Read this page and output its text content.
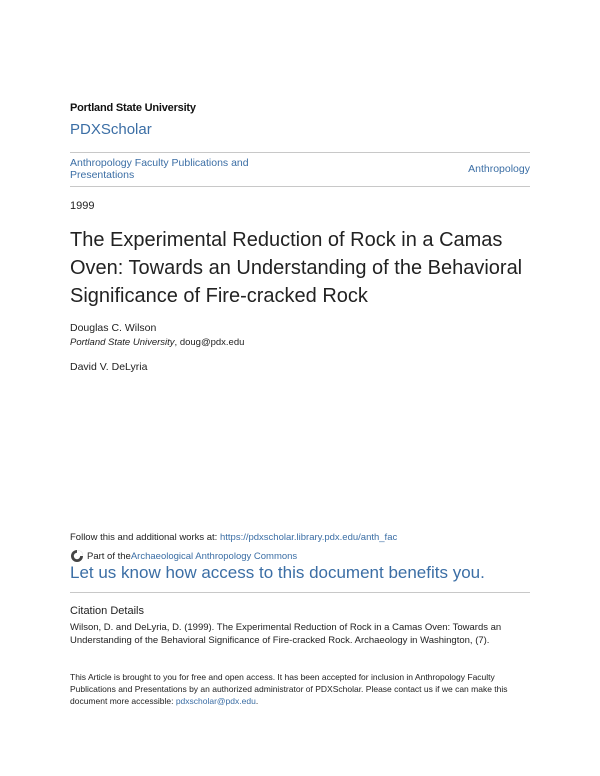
Portland State University
PDXScholar
Anthropology Faculty Publications and Presentations	Anthropology
1999
The Experimental Reduction of Rock in a Camas Oven: Towards an Understanding of the Behavioral Significance of Fire-cracked Rock
Douglas C. Wilson
Portland State University, doug@pdx.edu
David V. DeLyria
Follow this and additional works at: https://pdxscholar.library.pdx.edu/anth_fac
Part of the Archaeological Anthropology Commons
Let us know how access to this document benefits you.
Citation Details
Wilson, D. and DeLyria, D. (1999). The Experimental Reduction of Rock in a Camas Oven: Towards an Understanding of the Behavioral Significance of Fire-cracked Rock. Archaeology in Washington, (7).
This Article is brought to you for free and open access. It has been accepted for inclusion in Anthropology Faculty Publications and Presentations by an authorized administrator of PDXScholar. Please contact us if we can make this document more accessible: pdxscholar@pdx.edu.
